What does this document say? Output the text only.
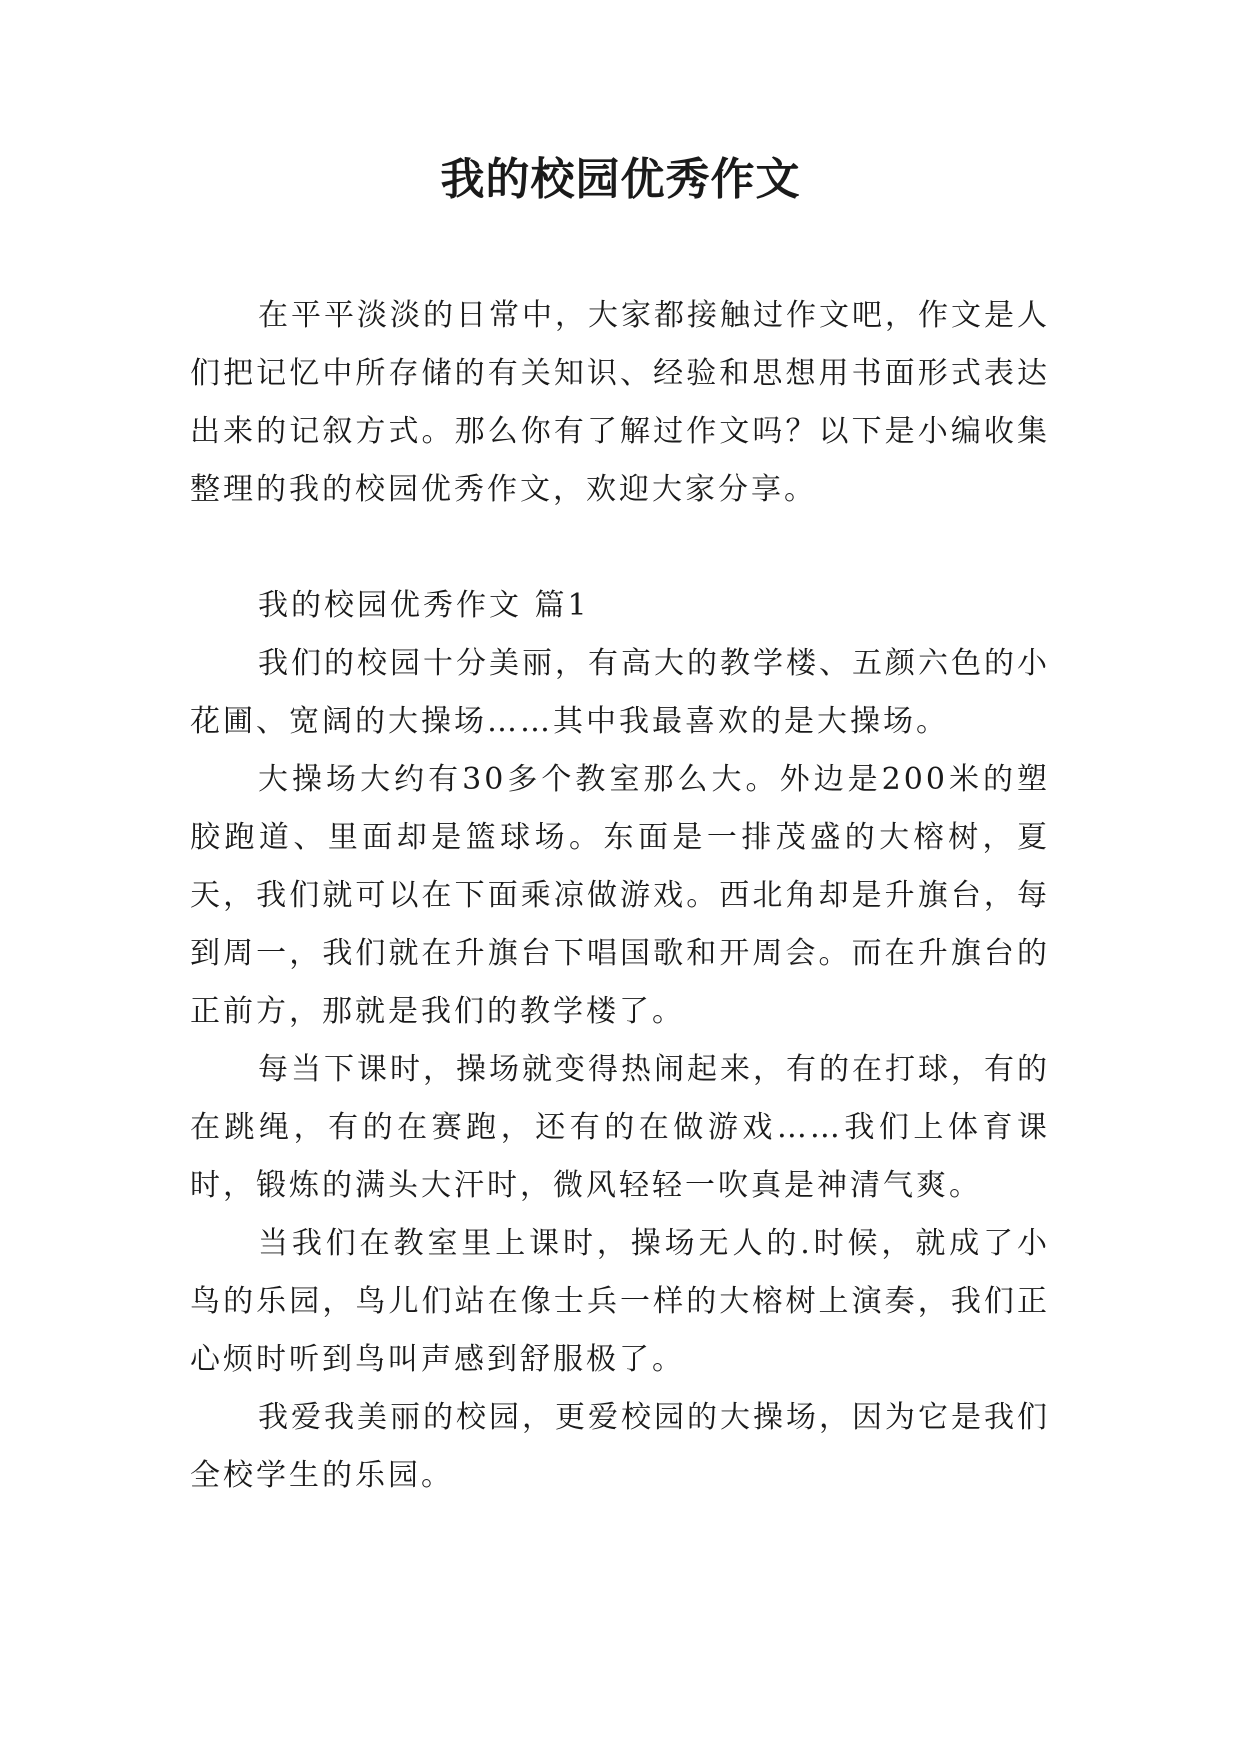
我的校园优秀作文

在平平淡淡的日常中，大家都接触过作文吧，作文是人们把记忆中所存储的有关知识、经验和思想用书面形式表达出来的记叙方式。那么你有了解过作文吗？以下是小编收集整理的我的校园优秀作文，欢迎大家分享。

我的校园优秀作文 篇1

我们的校园十分美丽，有高大的教学楼、五颜六色的小花圃、宽阔的大操场……其中我最喜欢的是大操场。

大操场大约有30多个教室那么大。外边是200米的塑胶跑道、里面却是篮球场。东面是一排茂盛的大榕树，夏天，我们就可以在下面乘凉做游戏。西北角却是升旗台，每到周一，我们就在升旗台下唱国歌和开周会。而在升旗台的正前方，那就是我们的教学楼了。

每当下课时，操场就变得热闹起来，有的在打球，有的在跳绳，有的在赛跑，还有的在做游戏……我们上体育课时，锻炼的满头大汗时，微风轻轻一吹真是神清气爽。

当我们在教室里上课时，操场无人的.时候，就成了小鸟的乐园，鸟儿们站在像士兵一样的大榕树上演奏，我们正心烦时听到鸟叫声感到舒服极了。

我爱我美丽的校园，更爱校园的大操场，因为它是我们全校学生的乐园。
